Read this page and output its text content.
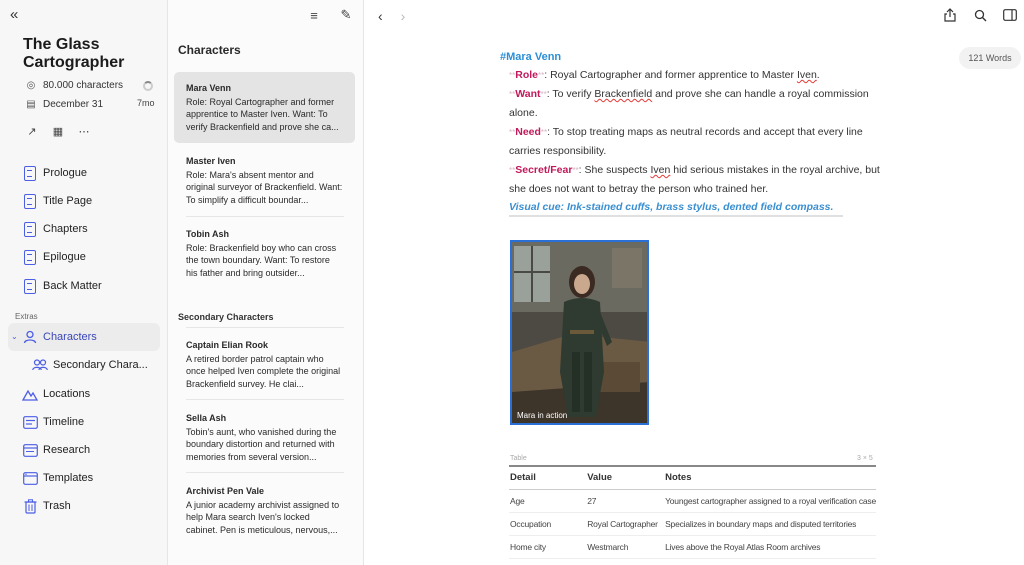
«
The Glass Cartographer
◎ 80.000 characters
▤ December 31	7mo
↗ ▦ ⋯
Prologue
Title Page
Chapters
Epilogue
Back Matter
Extras
⌄ Characters
Secondary Chara...
Locations
Timeline
Research
Templates
Trash
≡ ✎
Characters
Mara Venn
Role: Royal Cartographer and former apprentice to Master Iven. Want: To verify Brackenfield and prove she ca...
Master Iven
Role: Mara's absent mentor and original surveyor of Brackenfield. Want: To simplify a difficult boundar...
Tobin Ash
Role: Brackenfield boy who can cross the town boundary. Want: To restore his father and bring outsider...
Secondary Characters
Captain Elian Rook
A retired border patrol captain who once helped Iven complete the original Brackenfield survey. He clai...
Sella Ash
Tobin's aunt, who vanished during the boundary distortion and returned with memories from several version...
Archivist Pen Vale
A junior academy archivist assigned to help Mara search Iven's locked cabinet. Pen is meticulous, nervous,...
‹ ›
121 Words
#Mara Venn
**Role**: Royal Cartographer and former apprentice to Master Iven.
**Want**: To verify Brackenfield and prove she can handle a royal commission alone.
**Need**: To stop treating maps as neutral records and accept that every line carries responsibility.
**Secret/Fear**: She suspects Iven hid serious mistakes in the royal archive, but she does not want to betray the person who trained her.
Visual cue: Ink-stained cuffs, brass stylus, dented field compass.
Mara in action
Table	3 × 5
Detail	Value	Notes
Age	27	Youngest cartographer assigned to a royal verification case
Occupation	Royal Cartographer	Specializes in boundary maps and disputed territories
Home city	Westmarch	Lives above the Royal Atlas Room archives
